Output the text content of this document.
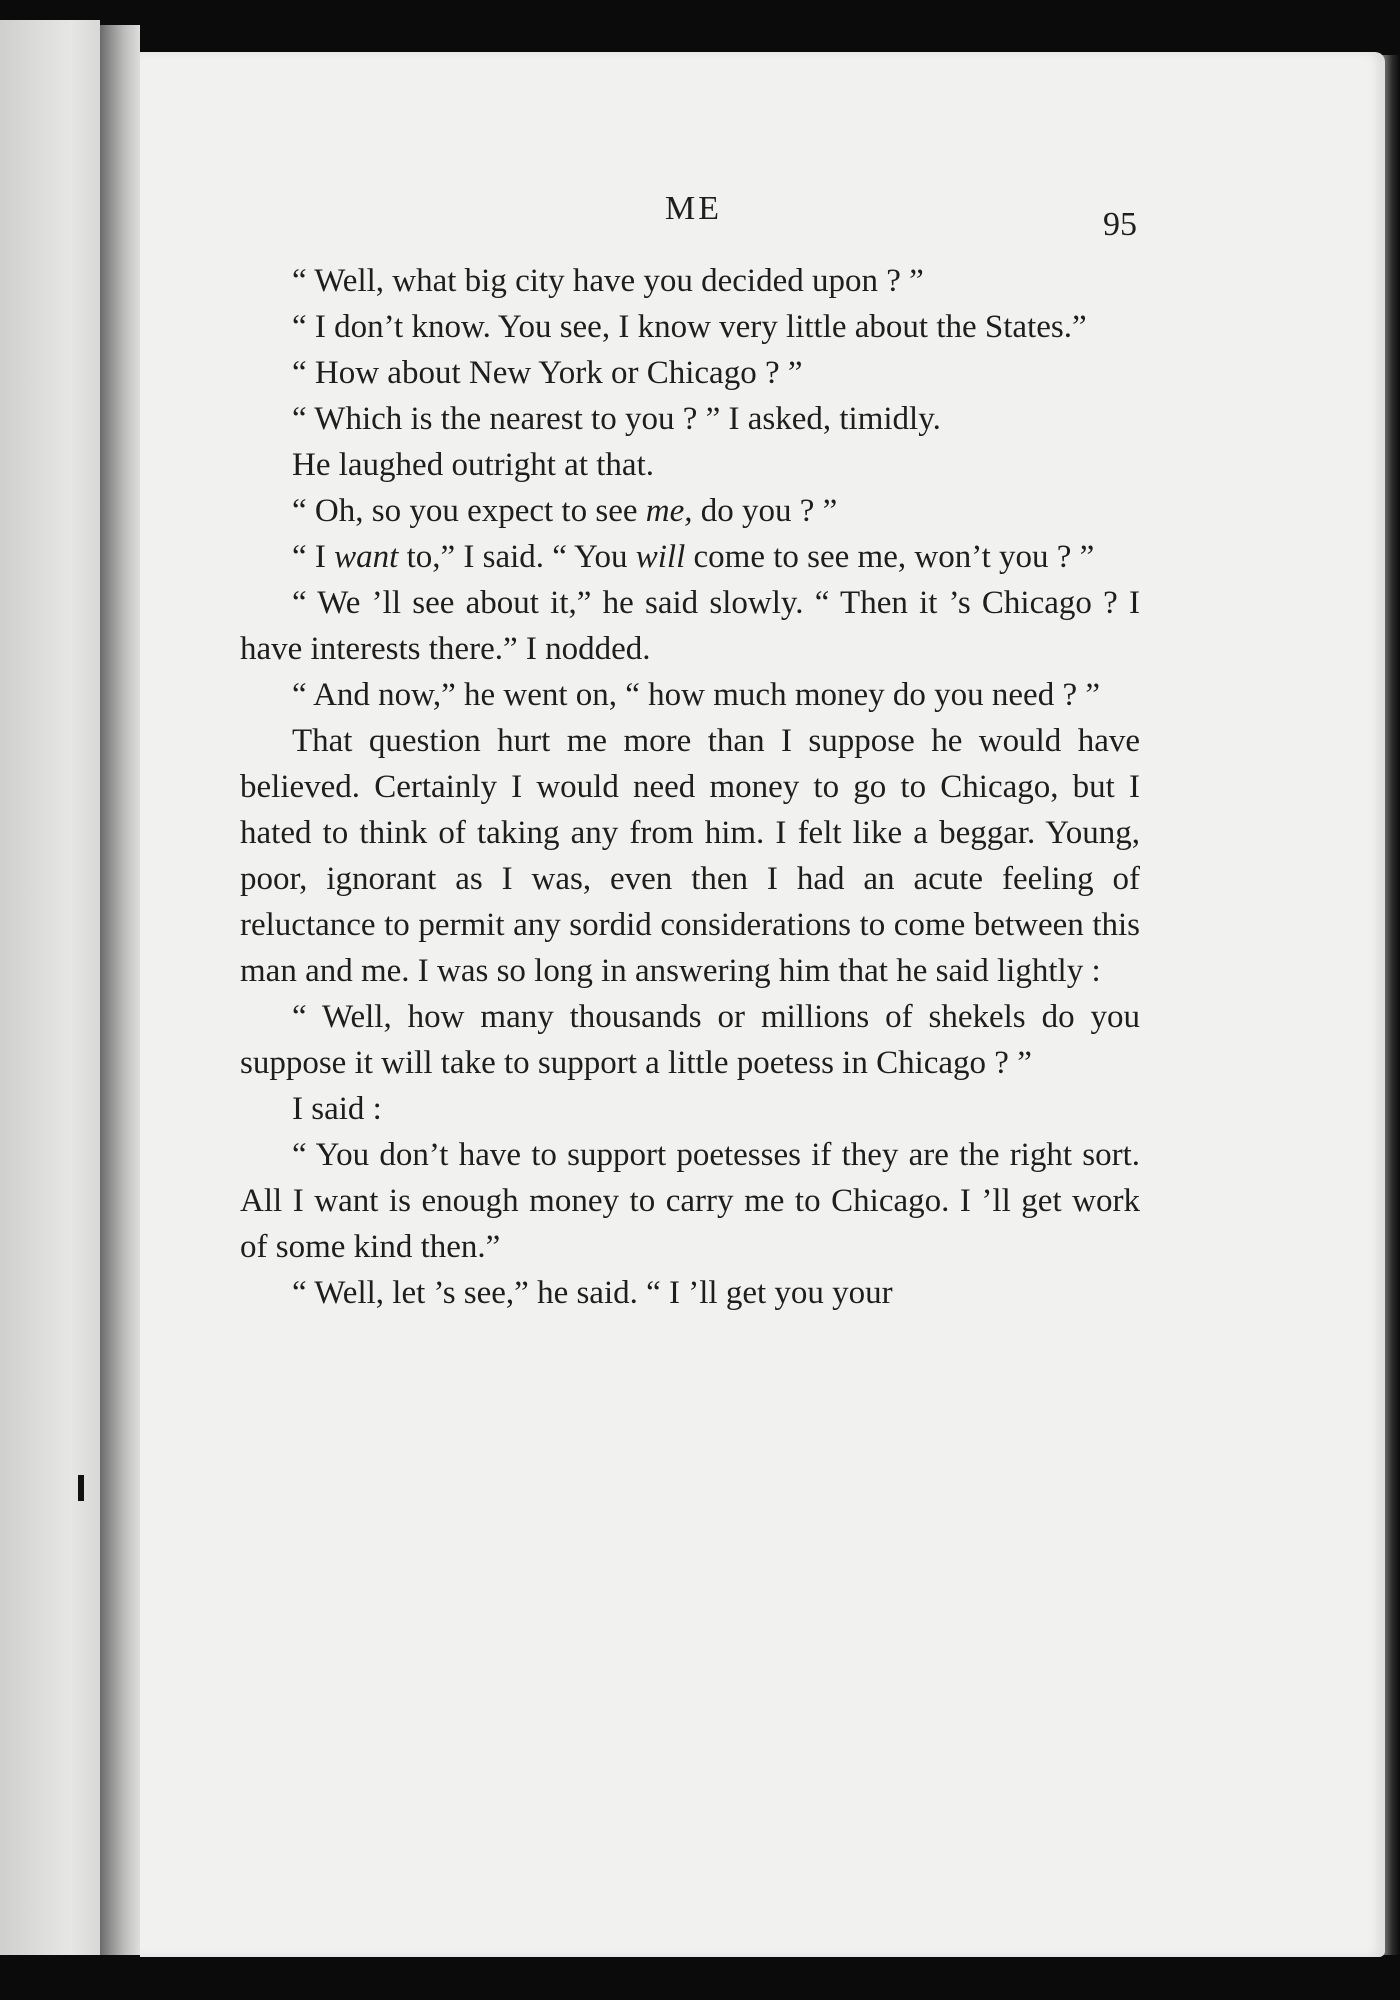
ME	95

“ Well, what big city have you decided upon ? ”

“ I don’t know. You see, I know very little about the States.”

“ How about New York or Chicago ? ”

“ Which is the nearest to you ? ” I asked, timidly.

He laughed outright at that.

“ Oh, so you expect to see me, do you ? ”

“ I want to,” I said. “ You will come to see me, won’t you ? ”

“ We ’ll see about it,” he said slowly. “ Then it ’s Chicago ? I have interests there.” I nodded.

“ And now,” he went on, “ how much money do you need ? ”

That question hurt me more than I suppose he would have believed. Certainly I would need money to go to Chicago, but I hated to think of taking any from him. I felt like a beggar. Young, poor, ignorant as I was, even then I had an acute feeling of reluctance to permit any sordid considerations to come between this man and me. I was so long in answering him that he said lightly :

“ Well, how many thousands or millions of shekels do you suppose it will take to support a little poetess in Chicago ? ”

I said :

“ You don’t have to support poetesses if they are the right sort. All I want is enough money to carry me to Chicago. I ’ll get work of some kind then.”

“ Well, let ’s see,” he said. “ I ’ll get you your
